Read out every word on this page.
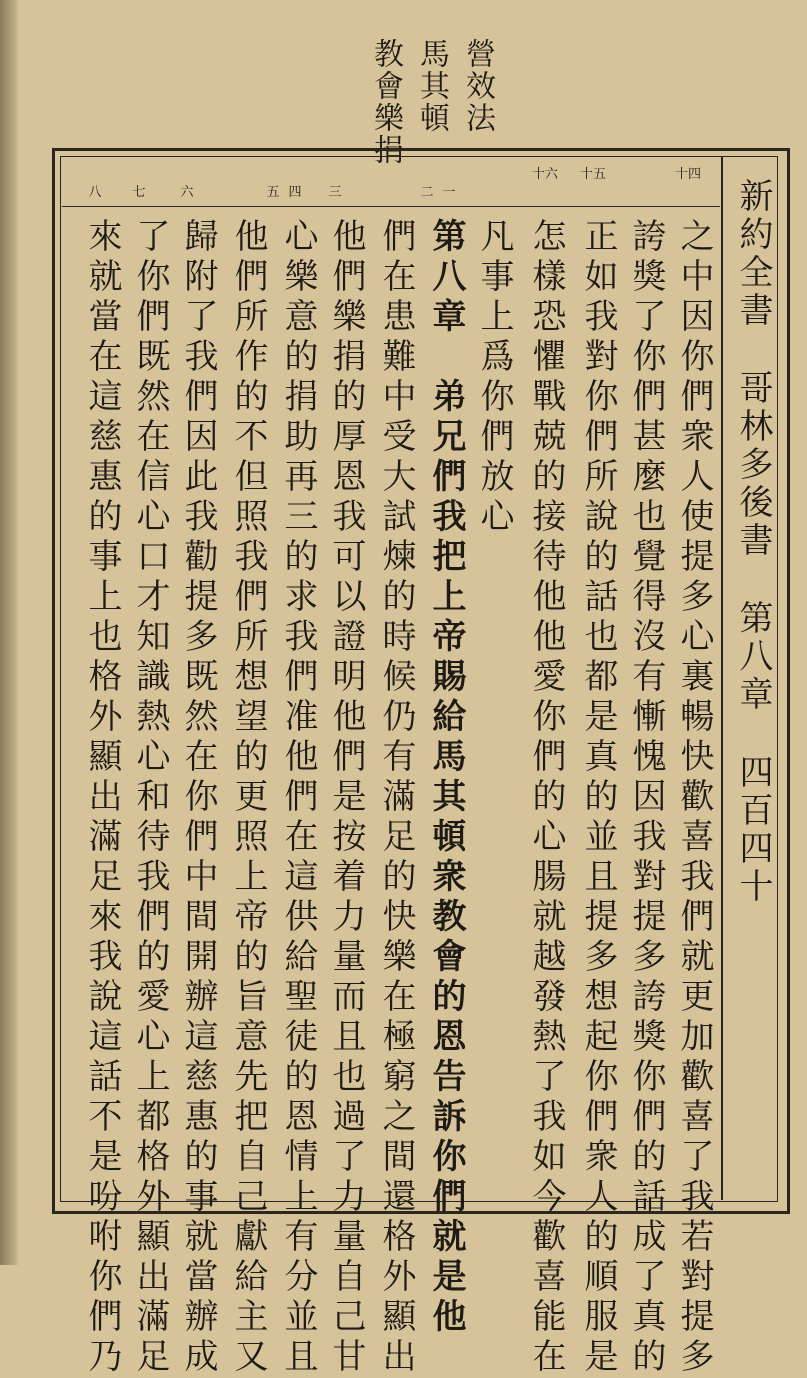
營效法
馬其頓
教會樂捐
新約全書哥林多後書第八章四百四十
十四
十五
十六
一
二
三
四
五
六
七
八
之中因你們衆人使提多心裏暢快歡喜我們就更加歡喜了我若對提多
誇獎了你們甚麼也覺得沒有慚愧因我對提多誇獎你們的話成了真的
正如我對你們所說的話也都是真的並且提多想起你們衆人的順服是
怎樣恐懼戰兢的接待他他愛你們的心腸就越發熱了我如今歡喜能在
凡事上爲你們放心
第八章　弟兄們我把上帝賜給馬其頓衆教會的恩告訴你們就是他
們在患難中受大試煉的時候仍有滿足的快樂在極窮之間還格外顯出
他們樂捐的厚恩我可以證明他們是按着力量而且也過了力量自己甘
心樂意的捐助再三的求我們准他們在這供給聖徒的恩情上有分並且
他們所作的不但照我們所想望的更照上帝的旨意先把自己獻給主又
歸附了我們因此我勸提多既然在你們中間開辦這慈惠的事就當辦成
了你們既然在信心口才知識熱心和待我們的愛心上都格外顯出滿足
來就當在這慈惠的事上也格外顯出滿足來我說這話不是吩咐你們乃
